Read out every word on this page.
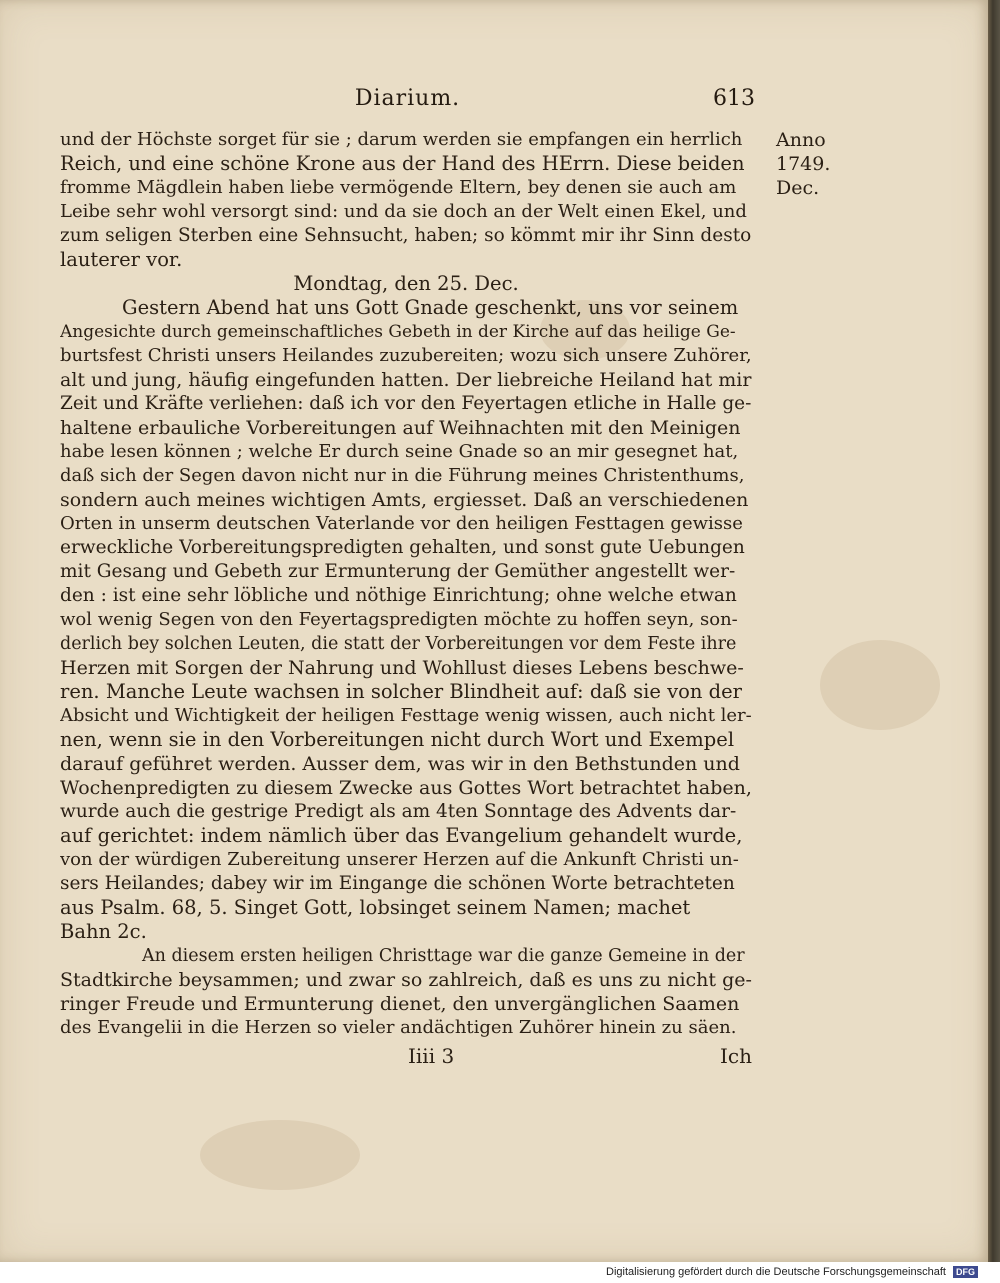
Diarium.	613
Anno
1749.
Dec.
und der Höchste sorget für sie ; darum werden sie empfangen ein herrlich
Reich, und eine schöne Krone aus der Hand des HErrn. Diese beiden
fromme Mägdlein haben liebe vermögende Eltern, bey denen sie auch am
Leibe sehr wohl versorgt sind: und da sie doch an der Welt einen Ekel, und
zum seligen Sterben eine Sehnsucht, haben; so kömmt mir ihr Sinn desto
lauterer vor.
Mondtag, den 25. Dec.
Gestern Abend hat uns Gott Gnade geschenkt, uns vor seinem
Angesichte durch gemeinschaftliches Gebeth in der Kirche auf das heilige Ge-
burtsfest Christi unsers Heilandes zuzubereiten; wozu sich unsere Zuhörer,
alt und jung, häufig eingefunden hatten. Der liebreiche Heiland hat mir
Zeit und Kräfte verliehen: daß ich vor den Feyertagen etliche in Halle ge-
haltene erbauliche Vorbereitungen auf Weihnachten mit den Meinigen
habe lesen können ; welche Er durch seine Gnade so an mir gesegnet hat,
daß sich der Segen davon nicht nur in die Führung meines Christenthums,
sondern auch meines wichtigen Amts, ergiesset. Daß an verschiedenen
Orten in unserm deutschen Vaterlande vor den heiligen Festtagen gewisse
erweckliche Vorbereitungspredigten gehalten, und sonst gute Uebungen
mit Gesang und Gebeth zur Ermunterung der Gemüther angestellt wer-
den : ist eine sehr löbliche und nöthige Einrichtung; ohne welche etwan
wol wenig Segen von den Feyertagspredigten möchte zu hoffen seyn, son-
derlich bey solchen Leuten, die statt der Vorbereitungen vor dem Feste ihre
Herzen mit Sorgen der Nahrung und Wohllust dieses Lebens beschwe-
ren. Manche Leute wachsen in solcher Blindheit auf: daß sie von der
Absicht und Wichtigkeit der heiligen Festtage wenig wissen, auch nicht ler-
nen, wenn sie in den Vorbereitungen nicht durch Wort und Exempel
darauf geführet werden. Ausser dem, was wir in den Bethstunden und
Wochenpredigten zu diesem Zwecke aus Gottes Wort betrachtet haben,
wurde auch die gestrige Predigt als am 4ten Sonntage des Advents dar-
auf gerichtet: indem nämlich über das Evangelium gehandelt wurde,
von der würdigen Zubereitung unserer Herzen auf die Ankunft Christi un-
sers Heilandes; dabey wir im Eingange die schönen Worte betrachteten
aus Psalm. 68, 5. Singet Gott, lobsinget seinem Namen; machet
Bahn 2c.
An diesem ersten heiligen Christtage war die ganze Gemeine in der
Stadtkirche beysammen; und zwar so zahlreich, daß es uns zu nicht ge-
ringer Freude und Ermunterung dienet, den unvergänglichen Saamen
des Evangelii in die Herzen so vieler andächtigen Zuhörer hinein zu säen.
Iiii 3	Ich
Digitalisierung gefördert durch die Deutsche Forschungsgemeinschaft DFG
